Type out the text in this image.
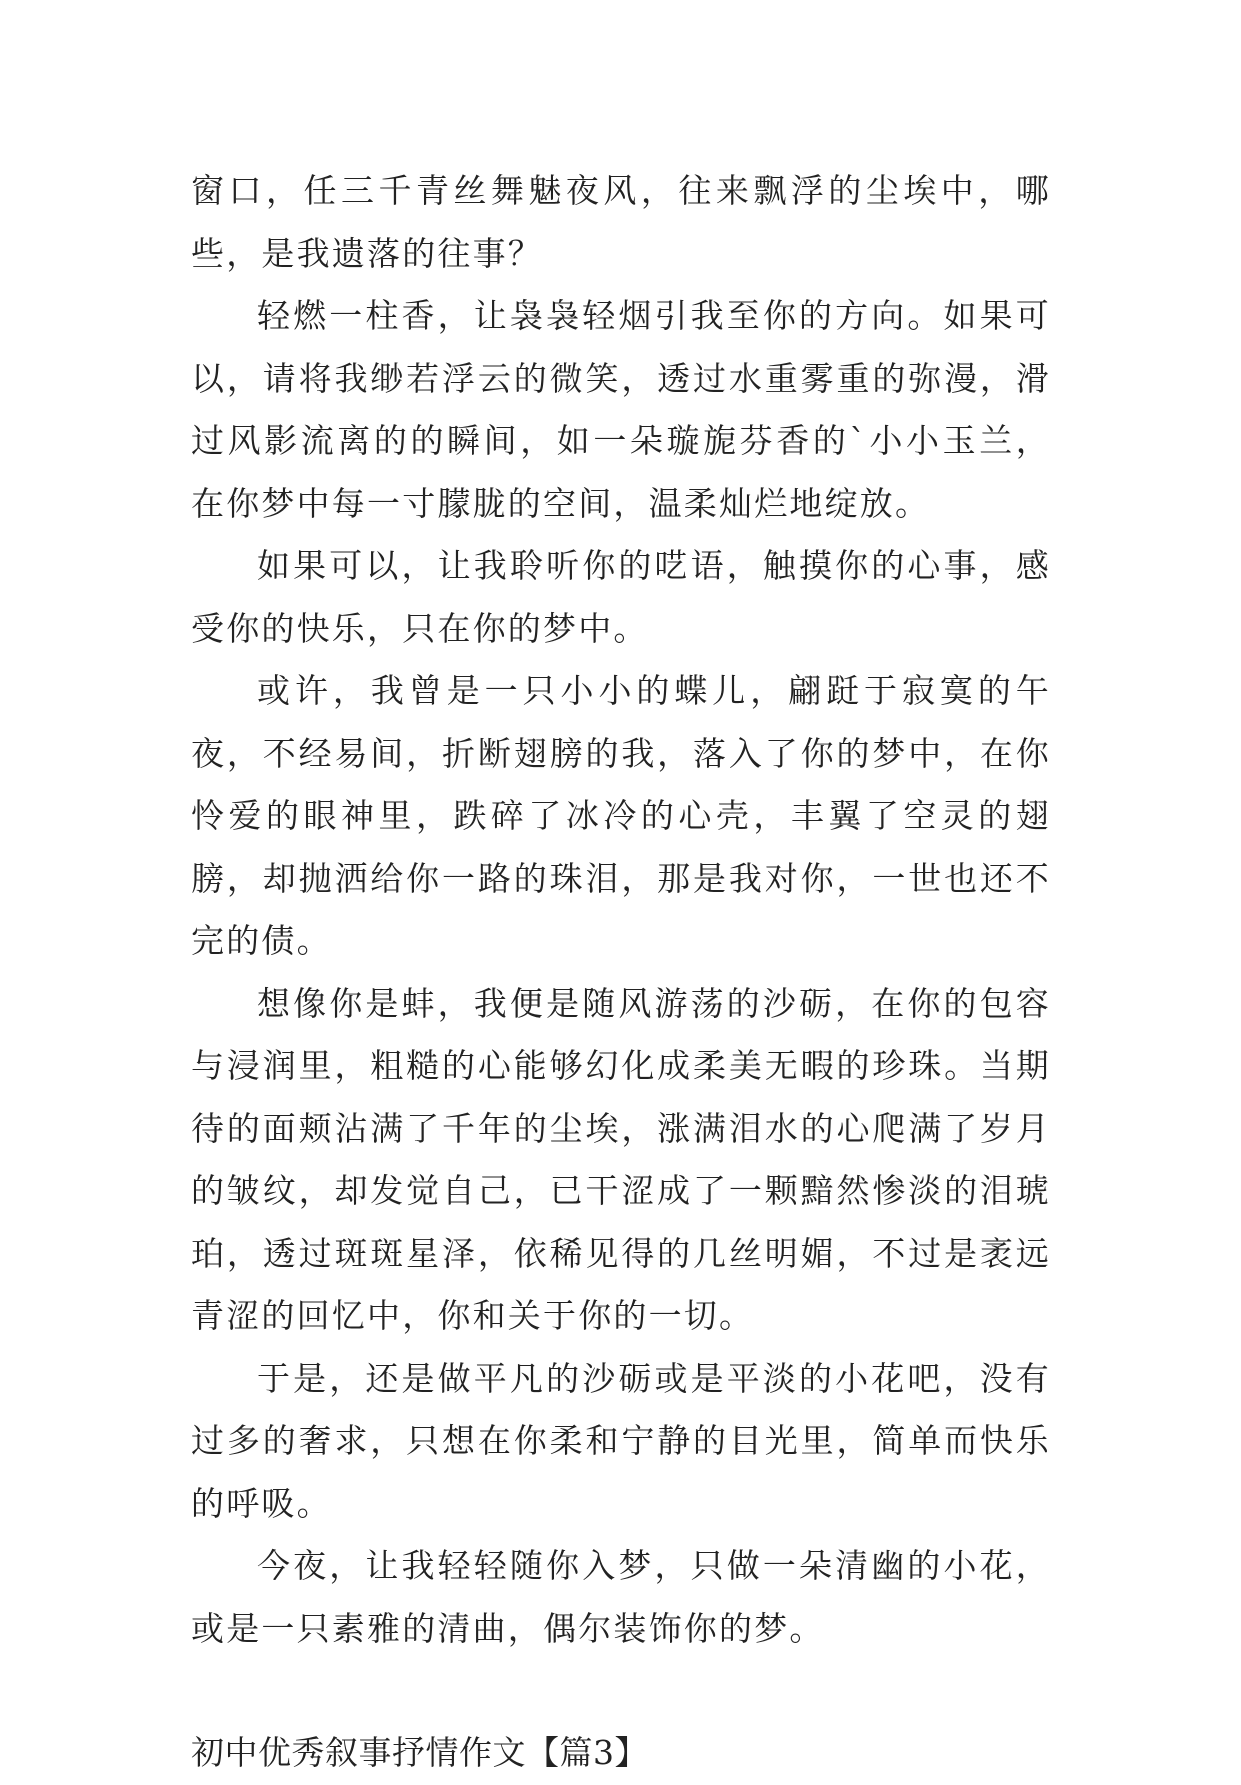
窗口，任三千青丝舞魅夜风，往来飘浮的尘埃中，哪些，是我遗落的往事？

轻燃一柱香，让袅袅轻烟引我至你的方向。如果可以，请将我缈若浮云的微笑，透过水重雾重的弥漫，滑过风影流离的的瞬间，如一朵璇旎芬香的`小小玉兰，在你梦中每一寸朦胧的空间，温柔灿烂地绽放。

如果可以，让我聆听你的呓语，触摸你的心事，感受你的快乐，只在你的梦中。

或许，我曾是一只小小的蝶儿，翩跹于寂寞的午夜，不经易间，折断翅膀的我，落入了你的梦中，在你怜爱的眼神里，跌碎了冰冷的心壳，丰翼了空灵的翅膀，却抛洒给你一路的珠泪，那是我对你，一世也还不完的债。

想像你是蚌，我便是随风游荡的沙砺，在你的包容与浸润里，粗糙的心能够幻化成柔美无暇的珍珠。当期待的面颊沾满了千年的尘埃，涨满泪水的心爬满了岁月的皱纹，却发觉自己，已干涩成了一颗黯然惨淡的泪琥珀，透过斑斑星泽，依稀见得的几丝明媚，不过是袤远青涩的回忆中，你和关于你的一切。

于是，还是做平凡的沙砺或是平淡的小花吧，没有过多的奢求，只想在你柔和宁静的目光里，简单而快乐的呼吸。

今夜，让我轻轻随你入梦，只做一朵清幽的小花，或是一只素雅的清曲，偶尔装饰你的梦。

初中优秀叙事抒情作文【篇3】
